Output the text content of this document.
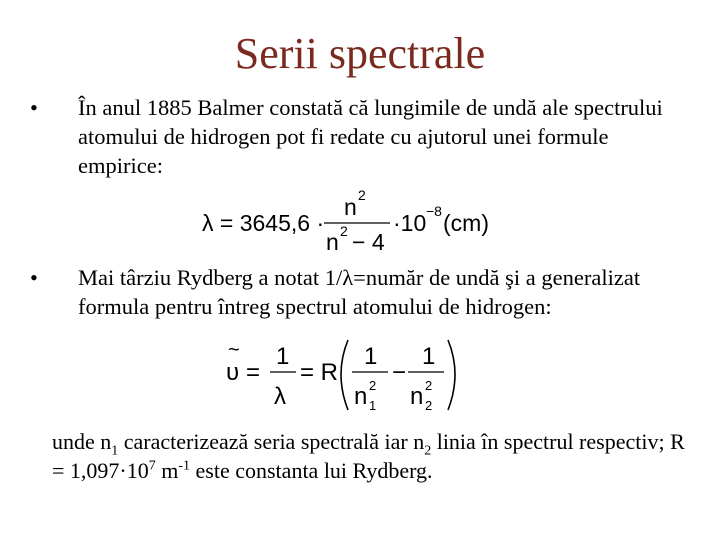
Serii spectrale
• În anul 1885 Balmer constată că lungimile de undă ale spectrului atomului de hidrogen pot fi redate cu ajutorul unei formule empirice:
λ = 3645,6 ·
n 2
n 2 − 4
·10 −8 (cm)
• Mai târziu Rydberg a notat 1/λ=număr de undă şi a generalizat formula pentru întreg spectrul atomului de hidrogen:
~
υ =
1
λ
= R
1
n 2
1
−
1
n 2
2
unde $n_1$ caracterizează seria spectrală iar $n_2$ linia în spectrul respectiv; $R = 1,097\cdot 10^7$ $m^{-1}$ este constanta lui Rydberg.
